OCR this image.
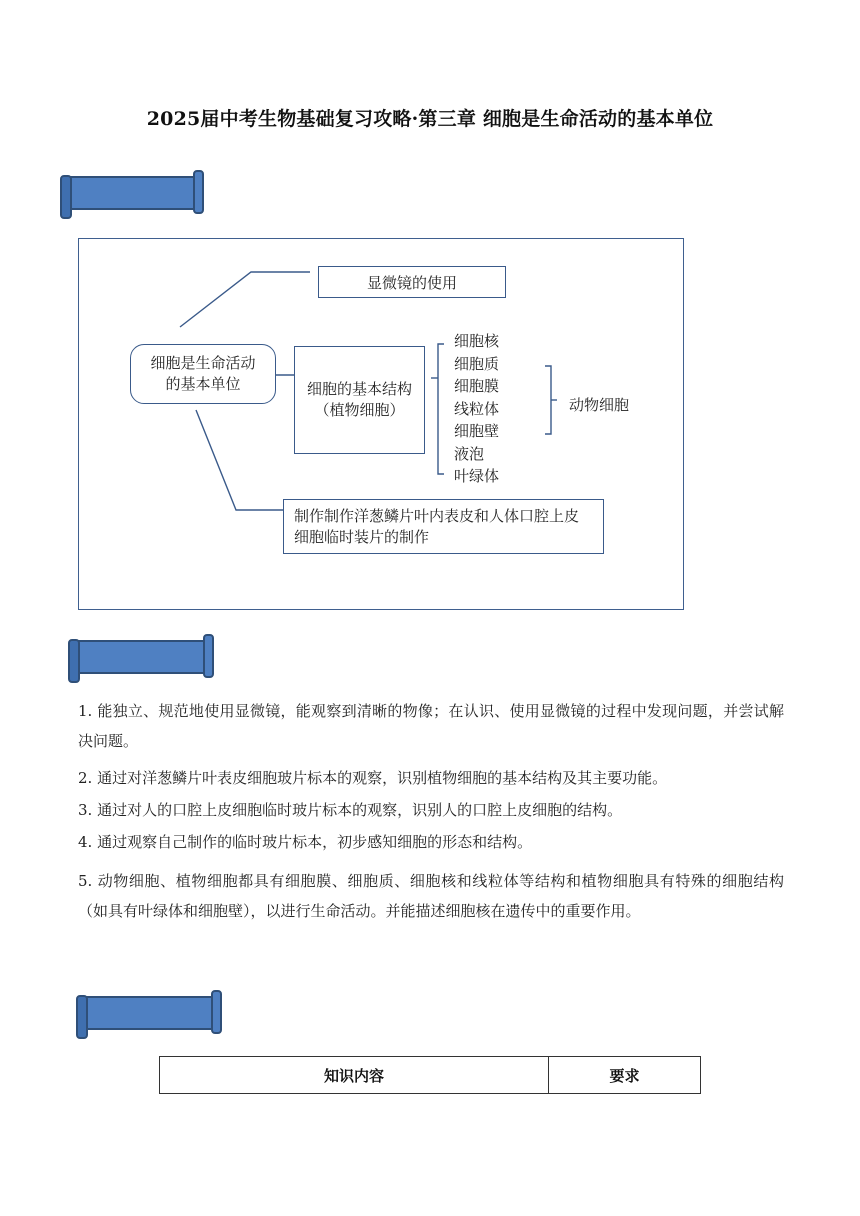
2025届中考生物基础复习攻略·第三章 细胞是生命活动的基本单位
显微镜的使用
细胞是生命活动的基本单位	细胞的基本结构
（植物细胞）
细胞核
细胞质
细胞膜
线粒体
细胞壁
液泡
叶绿体
动物细胞
制作制作洋葱鳞片叶内表皮和人体口腔上皮细胞临时装片的制作
1. 能独立、规范地使用显微镜，能观察到清晰的物像；在认识、使用显微镜的过程中发现问题，并尝试解决问题。
2. 通过对洋葱鳞片叶表皮细胞玻片标本的观察，识别植物细胞的基本结构及其主要功能。
3. 通过对人的口腔上皮细胞临时玻片标本的观察，识别人的口腔上皮细胞的结构。
4. 通过观察自己制作的临时玻片标本，初步感知细胞的形态和结构。
5. 动物细胞、植物细胞都具有细胞膜、细胞质、细胞核和线粒体等结构和植物细胞具有特殊的细胞结构（如具有叶绿体和细胞壁），以进行生命活动。并能描述细胞核在遗传中的重要作用。
知识内容	要求
